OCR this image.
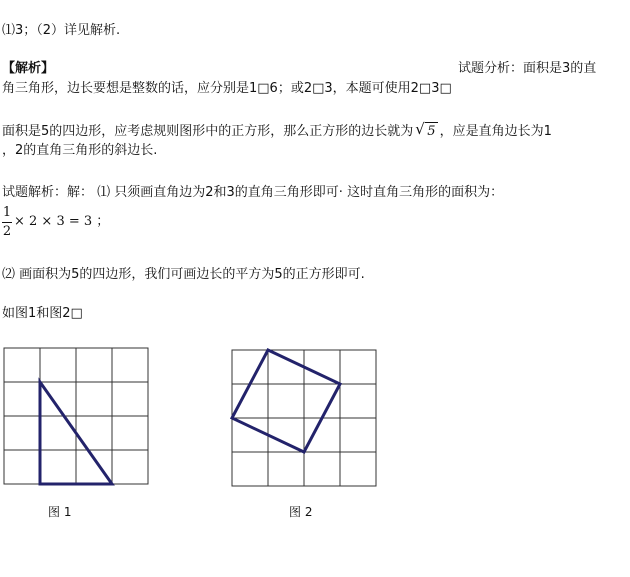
⑴3；（2）详见解析.
【解析】	试题分析：面积是3的直
角三角形，边长要想是整数的话，应分别是1□6；或2□3，本题可使用2□3□
面积是5的四边形，应考虑规则图形中的正方形，那么正方形的边长就为 √ 5 ，应是直角边长为1
，2的直角三角形的斜边长.
试题解析：解： ⑴ 只须画直角边为2和3的直角三角形即可· 这时直角三角形的面积为：
1
2
× 2 × 3 = 3 ；
⑵ 画面积为5的四边形，我们可画边长的平方为5的正方形即可.
如图1和图2□
图 1	图 2
